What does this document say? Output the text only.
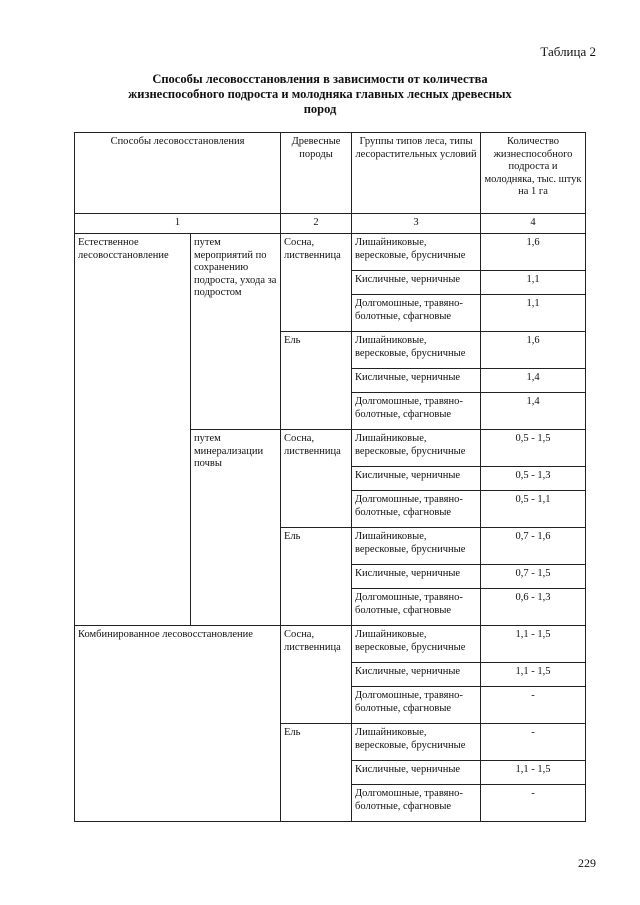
Таблица 2
Способы лесовосстановления в зависимости от количества жизнеспособного подроста и молодняка главных лесных древесных пород
Способы лесовосстановления		Древесные породы	Группы типов леса, типы лесорастительных условий	Количество жизнеспособного подроста и молодняка, тыс. штук на 1 га
1		2	3	4
Естественное лесовосстановление	путем мероприятий по сохранению подроста, ухода за подростом	Сосна, лиственница	Лишайниковые, вересковые, брусничные	1,6
			Кисличные, черничные	1,1
			Долгомошные, травяно-болотные, сфагновые	1,1
		Ель	Лишайниковые, вересковые, брусничные	1,6
			Кисличные, черничные	1,4
			Долгомошные, травяно-болотные, сфагновые	1,4
	путем минерализации почвы	Сосна, лиственница	Лишайниковые, вересковые, брусничные	0,5 - 1,5
			Кисличные, черничные	0,5 - 1,3
			Долгомошные, травяно-болотные, сфагновые	0,5 - 1,1
		Ель	Лишайниковые, вересковые, брусничные	0,7 - 1,6
			Кисличные, черничные	0,7 - 1,5
			Долгомошные, травяно-болотные, сфагновые	0,6 - 1,3
Комбинированное лесовосстановление		Сосна, лиственница	Лишайниковые, вересковые, брусничные	1,1 - 1,5
			Кисличные, черничные	1,1 - 1,5
			Долгомошные, травяно-болотные, сфагновые	-
		Ель	Лишайниковые, вересковые, брусничные	-
			Кисличные, черничные	1,1 - 1,5
			Долгомошные, травяно-болотные, сфагновые	-
229
